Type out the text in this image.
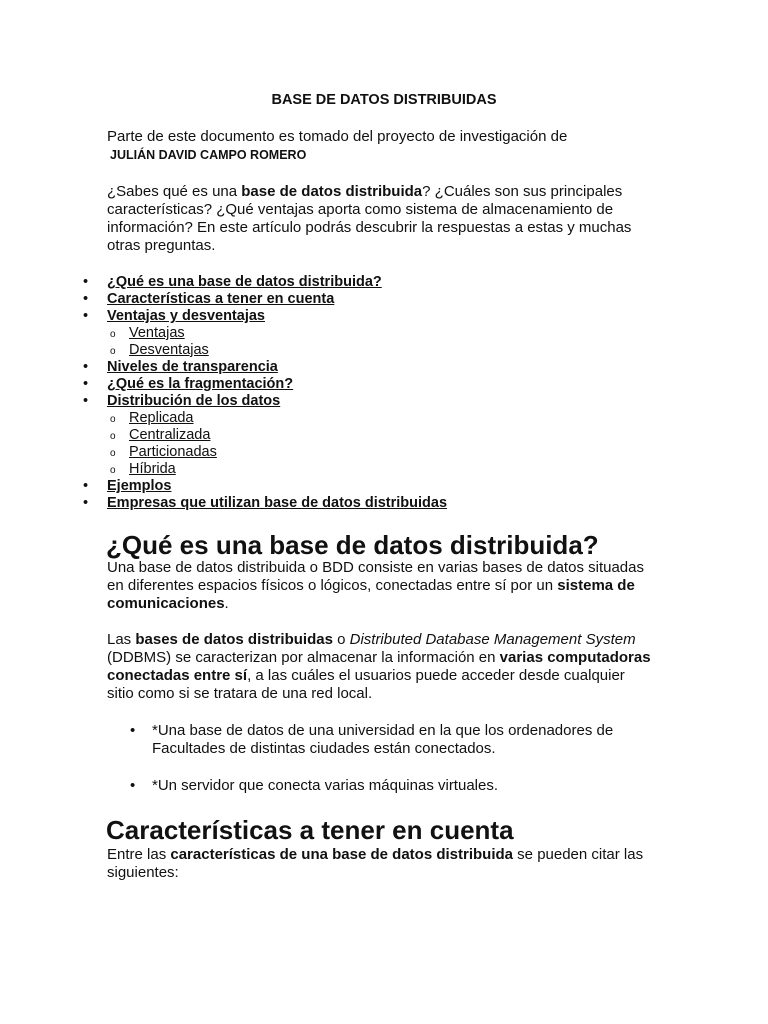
BASE DE DATOS DISTRIBUIDAS
Parte de este documento es tomado del proyecto de investigación de
JULIÁN DAVID CAMPO ROMERO
¿Sabes qué es una base de datos distribuida? ¿Cuáles son sus principales características? ¿Qué ventajas aporta como sistema de almacenamiento de información? En este artículo podrás descubrir la respuestas a estas y muchas otras preguntas.
• ¿Qué es una base de datos distribuida?
• Características a tener en cuenta
• Ventajas y desventajas
o Ventajas
o Desventajas
• Niveles de transparencia
• ¿Qué es la fragmentación?
• Distribución de los datos
o Replicada
o Centralizada
o Particionadas
o Híbrida
• Ejemplos
• Empresas que utilizan base de datos distribuidas
¿Qué es una base de datos distribuida?
Una base de datos distribuida o BDD consiste en varias bases de datos situadas en diferentes espacios físicos o lógicos, conectadas entre sí por un sistema de comunicaciones.
Las bases de datos distribuidas o Distributed Database Management System (DDBMS) se caracterizan por almacenar la información en varias computadoras conectadas entre sí, a las cuáles el usuarios puede acceder desde cualquier sitio como si se tratara de una red local.
• *Una base de datos de una universidad en la que los ordenadores de Facultades de distintas ciudades están conectados.
• *Un servidor que conecta varias máquinas virtuales.
Características a tener en cuenta
Entre las características de una base de datos distribuida se pueden citar las siguientes:
